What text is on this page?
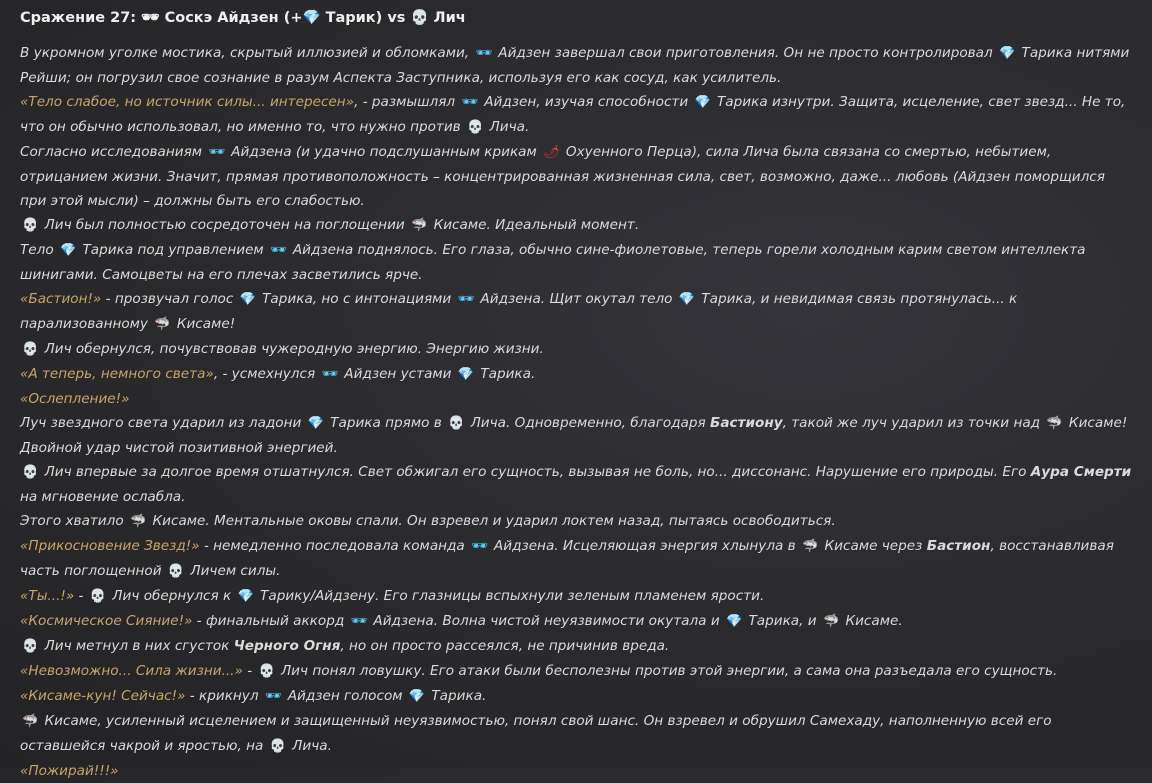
Сражение 27: 🕶 Соскэ Айдзен (+💎 Тарик) vs 💀 Лич

В укромном уголке мостика, скрытый иллюзией и обломками, 🕶 Айдзен завершал свои приготовления. Он не просто контролировал 💎 Тарика нитями Рейши; он погрузил свое сознание в разум Аспекта Заступника, используя его как сосуд, как усилитель.

«Тело слабое, но источник силы... интересен», - размышлял 🕶 Айдзен, изучая способности 💎 Тарика изнутри. Защита, исцеление, свет звезд... Не то, что он обычно использовал, но именно то, что нужно против 💀 Лича.

Согласно исследованиям 🕶 Айдзена (и удачно подслушанным крикам 🌶 Охуенного Перца), сила Лича была связана со смертью, небытием, отрицанием жизни. Значит, прямая противоположность – концентрированная жизненная сила, свет, возможно, даже... любовь (Айдзен поморщился при этой мысли) – должны быть его слабостью.

💀 Лич был полностью сосредоточен на поглощении 🦈 Кисаме. Идеальный момент.

Тело 💎 Тарика под управлением 🕶 Айдзена поднялось. Его глаза, обычно сине-фиолетовые, теперь горели холодным карим светом интеллекта шинигами. Самоцветы на его плечах засветились ярче.

«Бастион!» - прозвучал голос 💎 Тарика, но с интонациями 🕶 Айдзена. Щит окутал тело 💎 Тарика, и невидимая связь протянулась... к парализованному 🦈 Кисаме!

💀 Лич обернулся, почувствовав чужеродную энергию. Энергию жизни.

«А теперь, немного света», - усмехнулся 🕶 Айдзен устами 💎 Тарика.

«Ослепление!»

Луч звездного света ударил из ладони 💎 Тарика прямо в 💀 Лича. Одновременно, благодаря Бастиону, такой же луч ударил из точки над 🦈 Кисаме! Двойной удар чистой позитивной энергией.

💀 Лич впервые за долгое время отшатнулся. Свет обжигал его сущность, вызывая не боль, но... диссонанс. Нарушение его природы. Его Аура Смерти на мгновение ослабла.

Этого хватило 🦈 Кисаме. Ментальные оковы спали. Он взревел и ударил локтем назад, пытаясь освободиться.

«Прикосновение Звезд!» - немедленно последовала команда 🕶 Айдзена. Исцеляющая энергия хлынула в 🦈 Кисаме через Бастион, восстанавливая часть поглощенной 💀 Личем силы.

«Ты...!» - 💀 Лич обернулся к 💎 Тарику/Айдзену. Его глазницы вспыхнули зеленым пламенем ярости.

«Космическое Сияние!» - финальный аккорд 🕶 Айдзена. Волна чистой неуязвимости окутала и 💎 Тарика, и 🦈 Кисаме.

💀 Лич метнул в них сгусток Черного Огня, но он просто рассеялся, не причинив вреда.

«Невозможно... Сила жизни...» - 💀 Лич понял ловушку. Его атаки были бесполезны против этой энергии, а сама она разъедала его сущность.

«Кисаме-кун! Сейчас!» - крикнул 🕶 Айдзен голосом 💎 Тарика.

🦈 Кисаме, усиленный исцелением и защищенный неуязвимостью, понял свой шанс. Он взревел и обрушил Самехаду, наполненную всей его оставшейся чакрой и яростью, на 💀 Лича.

«Пожирай!!!»
